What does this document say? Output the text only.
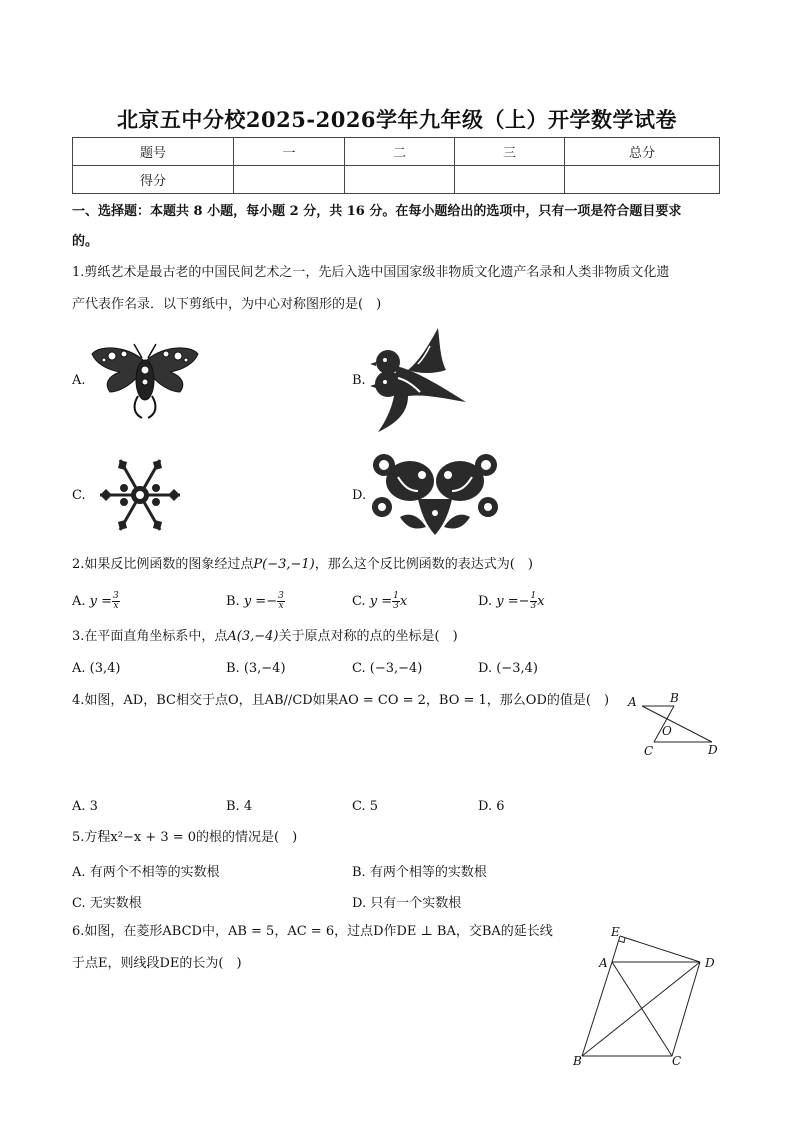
北京五中分校2025-2026学年九年级（上）开学数学试卷
题号	一	二	三	总分
得分				
一、选择题：本题共 8 小题，每小题 2 分，共 16 分。在每小题给出的选项中，只有一项是符合题目要求
的。
1.剪纸艺术是最古老的中国民间艺术之一，先后入选中国国家级非物质文化遗产名录和人类非物质文化遗
产代表作名录．以下剪纸中，为中心对称图形的是(　)
A.	B.
C.	D.
2.如果反比例函数的图象经过点P(−3,−1)，那么这个反比例函数的表达式为(　)
A. $y = \frac{3}{x}$	B. $y =- \frac{3}{x}$	C. $y = \frac{1}{3}$ x	D. $y =- \frac{1}{3}$ x
3.在平面直角坐标系中，点A(3,−4)关于原点对称的点的坐标是(　)
A. (3,4)	B. (3,−4)	C. (−3,−4)	D. (−3,4)
4.如图，AD，BC相交于点O，且AB//CD如果AO = CO = 2，BO = 1，那么OD的值是(　) A	B
O
C	D
A. 3	B. 4	C. 5	D. 6
5.方程x²−x + 3 = 0的根的情况是(　)
A. 有两个不相等的实数根	B. 有两个相等的实数根
C. 无实数根	D. 只有一个实数根
6.如图，在菱形ABCD中，AB = 5，AC = 6，过点D作DE ⊥ BA，交BA的延长线
于点E，则线段DE的长为(　)
E
A	D
B	C
